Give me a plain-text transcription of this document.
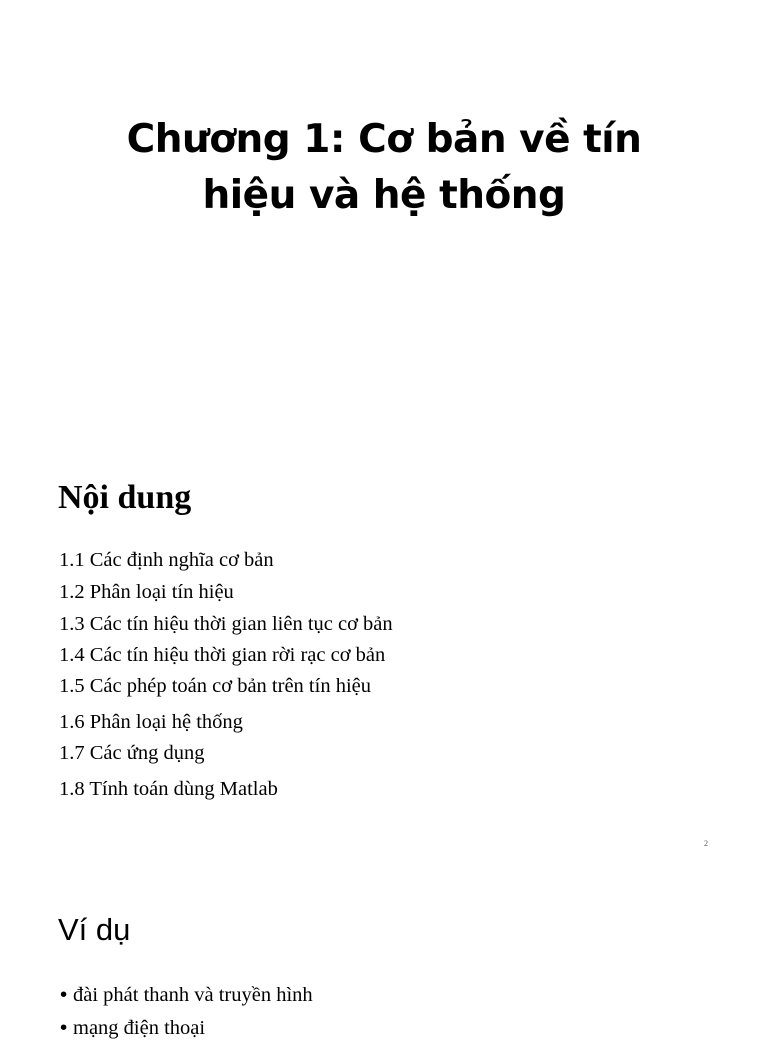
Chương 1: Cơ bản về tín
hiệu và hệ thống
Nội dung
1.1 Các định nghĩa cơ bản
1.2 Phân loại tín hiệu
1.3 Các tín hiệu thời gian liên tục cơ bản
1.4 Các tín hiệu thời gian rời rạc cơ bản
1.5 Các phép toán cơ bản trên tín hiệu
1.6 Phân loại hệ thống
1.7 Các ứng dụng
1.8 Tính toán dùng Matlab
2
Ví dụ
• đài phát thanh và truyền hình
• mạng điện thoại
